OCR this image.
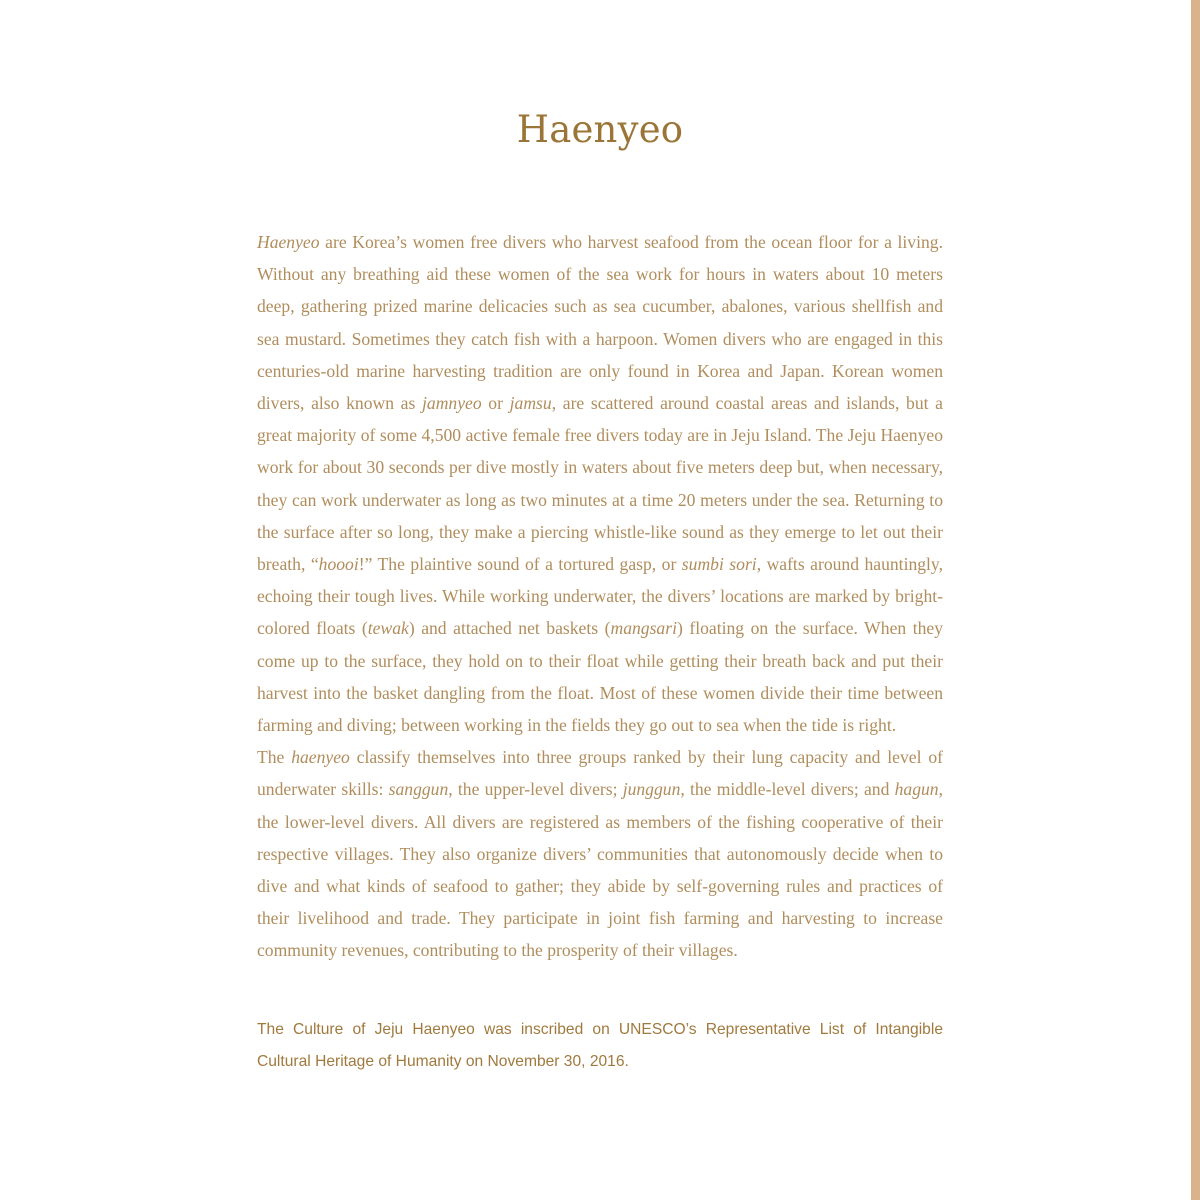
Haenyeo

Haenyeo are Korea’s women free divers who harvest seafood from the ocean floor for a living. Without any breathing aid these women of the sea work for hours in waters about 10 meters deep, gathering prized marine delicacies such as sea cucumber, abalones, various shellfish and sea mustard. Sometimes they catch fish with a harpoon. Women divers who are engaged in this centuries-old marine harvesting tradition are only found in Korea and Japan. Korean women divers, also known as jamnyeo or jamsu, are scattered around coastal areas and islands, but a great majority of some 4,500 active female free divers today are in Jeju Island. The Jeju Haenyeo work for about 30 seconds per dive mostly in waters about five meters deep but, when necessary, they can work underwater as long as two minutes at a time 20 meters under the sea. Returning to the surface after so long, they make a piercing whistle-like sound as they emerge to let out their breath, “hoooi!” The plaintive sound of a tortured gasp, or sumbi sori, wafts around hauntingly, echoing their tough lives. While working underwater, the divers’ locations are marked by bright-colored floats (tewak) and attached net baskets (mangsari) floating on the surface. When they come up to the surface, they hold on to their float while getting their breath back and put their harvest into the basket dangling from the float. Most of these women divide their time between farming and diving; between working in the fields they go out to sea when the tide is right.

The haenyeo classify themselves into three groups ranked by their lung capacity and level of underwater skills: sanggun, the upper-level divers; junggun, the middle-level divers; and hagun, the lower-level divers. All divers are registered as members of the fishing cooperative of their respective villages. They also organize divers’ communities that autonomously decide when to dive and what kinds of seafood to gather; they abide by self-governing rules and practices of their livelihood and trade. They participate in joint fish farming and harvesting to increase community revenues, contributing to the prosperity of their villages.

The Culture of Jeju Haenyeo was inscribed on UNESCO’s Representative List of Intangible Cultural Heritage of Humanity on November 30, 2016.
